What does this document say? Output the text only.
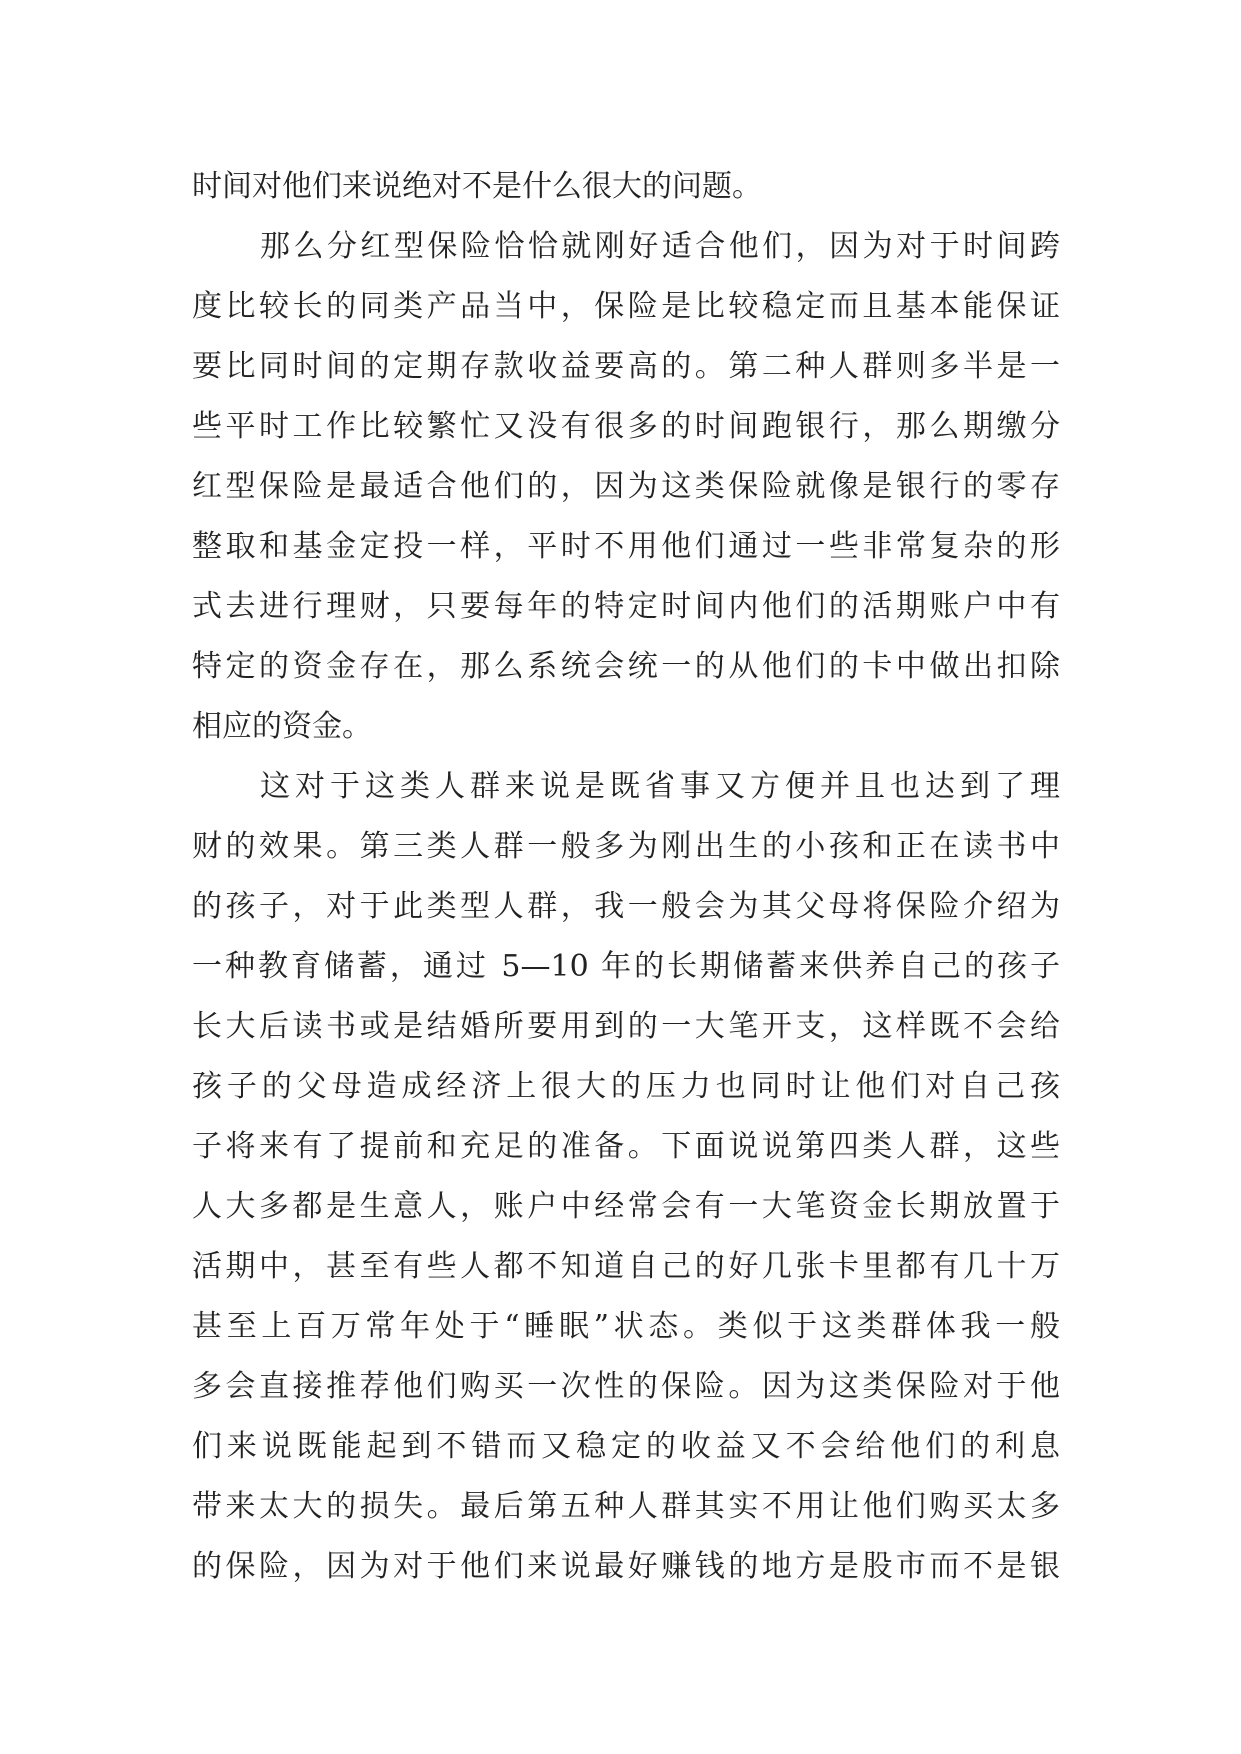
时间对他们来说绝对不是什么很大的问题。
那么分红型保险恰恰就刚好适合他们，因为对于时间跨
度比较长的同类产品当中，保险是比较稳定而且基本能保证
要比同时间的定期存款收益要高的。第二种人群则多半是一
些平时工作比较繁忙又没有很多的时间跑银行，那么期缴分
红型保险是最适合他们的，因为这类保险就像是银行的零存
整取和基金定投一样，平时不用他们通过一些非常复杂的形
式去进行理财，只要每年的特定时间内他们的活期账户中有
特定的资金存在，那么系统会统一的从他们的卡中做出扣除
相应的资金。
这对于这类人群来说是既省事又方便并且也达到了理
财的效果。第三类人群一般多为刚出生的小孩和正在读书中
的孩子，对于此类型人群，我一般会为其父母将保险介绍为
一种教育储蓄，通过 5—10 年的长期储蓄来供养自己的孩子
长大后读书或是结婚所要用到的一大笔开支，这样既不会给
孩子的父母造成经济上很大的压力也同时让他们对自己孩
子将来有了提前和充足的准备。下面说说第四类人群，这些
人大多都是生意人，账户中经常会有一大笔资金长期放置于
活期中，甚至有些人都不知道自己的好几张卡里都有几十万
甚至上百万常年处于“睡眠”状态。类似于这类群体我一般
多会直接推荐他们购买一次性的保险。因为这类保险对于他
们来说既能起到不错而又稳定的收益又不会给他们的利息
带来太大的损失。最后第五种人群其实不用让他们购买太多
的保险，因为对于他们来说最好赚钱的地方是股市而不是银
